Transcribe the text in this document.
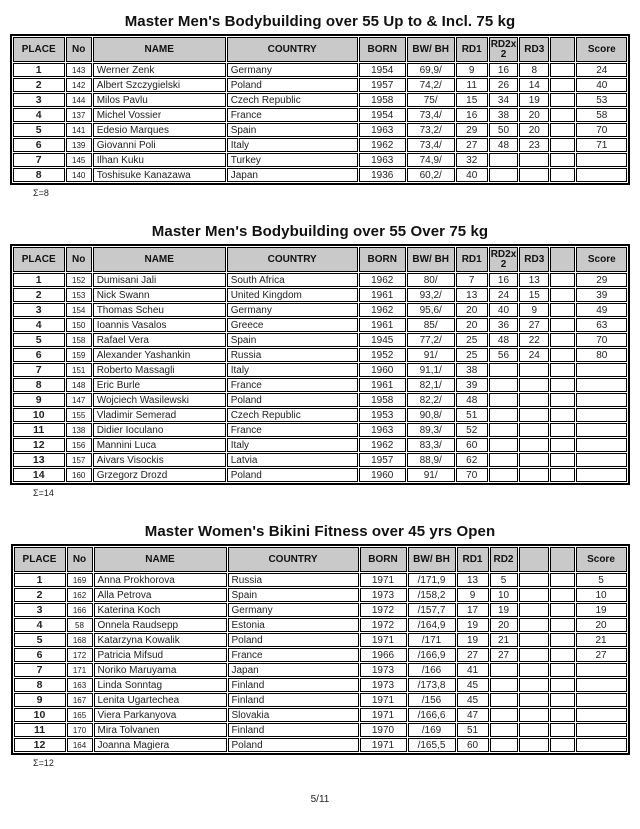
Master Men's Bodybuilding over 55 Up to & Incl. 75 kg
PLACE	No	NAME	COUNTRY	BORN	BW/ BH	RD1	RD2x 2	RD3		Score
1	143	Werner Zenk	Germany	1954	69,9/	9	16	8		24
2	142	Albert Szczygielski	Poland	1957	74,2/	11	26	14		40
3	144	Milos Pavlu	Czech Republic	1958	75/	15	34	19		53
4	137	Michel Vossier	France	1954	73,4/	16	38	20		58
5	141	Edesio Marques	Spain	1963	73,2/	29	50	20		70
6	139	Giovanni Poli	Italy	1962	73,4/	27	48	23		71
7	145	Ilhan Kuku	Turkey	1963	74,9/	32				
8	140	Toshisuke Kanazawa	Japan	1936	60,2/	40				
Σ=8
Master Men's Bodybuilding over 55 Over 75 kg
PLACE	No	NAME	COUNTRY	BORN	BW/ BH	RD1	RD2x 2	RD3		Score
1	152	Dumisani Jali	South Africa	1962	80/	7	16	13		29
2	153	Nick Swann	United Kingdom	1961	93,2/	13	24	15		39
3	154	Thomas Scheu	Germany	1962	95,6/	20	40	9		49
4	150	Ioannis Vasalos	Greece	1961	85/	20	36	27		63
5	158	Rafael Vera	Spain	1945	77,2/	25	48	22		70
6	159	Alexander Yashankin	Russia	1952	91/	25	56	24		80
7	151	Roberto Massagli	Italy	1960	91,1/	38				
8	148	Eric Burle	France	1961	82,1/	39				
9	147	Wojciech Wasilewski	Poland	1958	82,2/	48				
10	155	Vladimir Semerad	Czech Republic	1953	90,8/	51				
11	138	Didier Ioculano	France	1963	89,3/	52				
12	156	Mannini Luca	Italy	1962	83,3/	60				
13	157	Aivars Visockis	Latvia	1957	88,9/	62				
14	160	Grzegorz Drozd	Poland	1960	91/	70				
Σ=14
Master Women's Bikini Fitness over 45 yrs Open
PLACE	No	NAME	COUNTRY	BORN	BW/ BH	RD1	RD2			Score
1	169	Anna Prokhorova	Russia	1971	/171,9	13	5			5
2	162	Alla Petrova	Spain	1973	/158,2	9	10			10
3	166	Katerina Koch	Germany	1972	/157,7	17	19			19
4	58	Onnela Raudsepp	Estonia	1972	/164,9	19	20			20
5	168	Katarzyna Kowalik	Poland	1971	/171	19	21			21
6	172	Patricia Mifsud	France	1966	/166,9	27	27			27
7	171	Noriko Maruyama	Japan	1973	/166	41				
8	163	Linda Sonntag	Finland	1973	/173,8	45				
9	167	Lenita Ugartechea	Finland	1971	/156	45				
10	165	Viera Parkanyova	Slovakia	1971	/166,6	47				
11	170	Mira Tolvanen	Finland	1970	/169	51				
12	164	Joanna Magiera	Poland	1971	/165,5	60				
Σ=12
5/11
